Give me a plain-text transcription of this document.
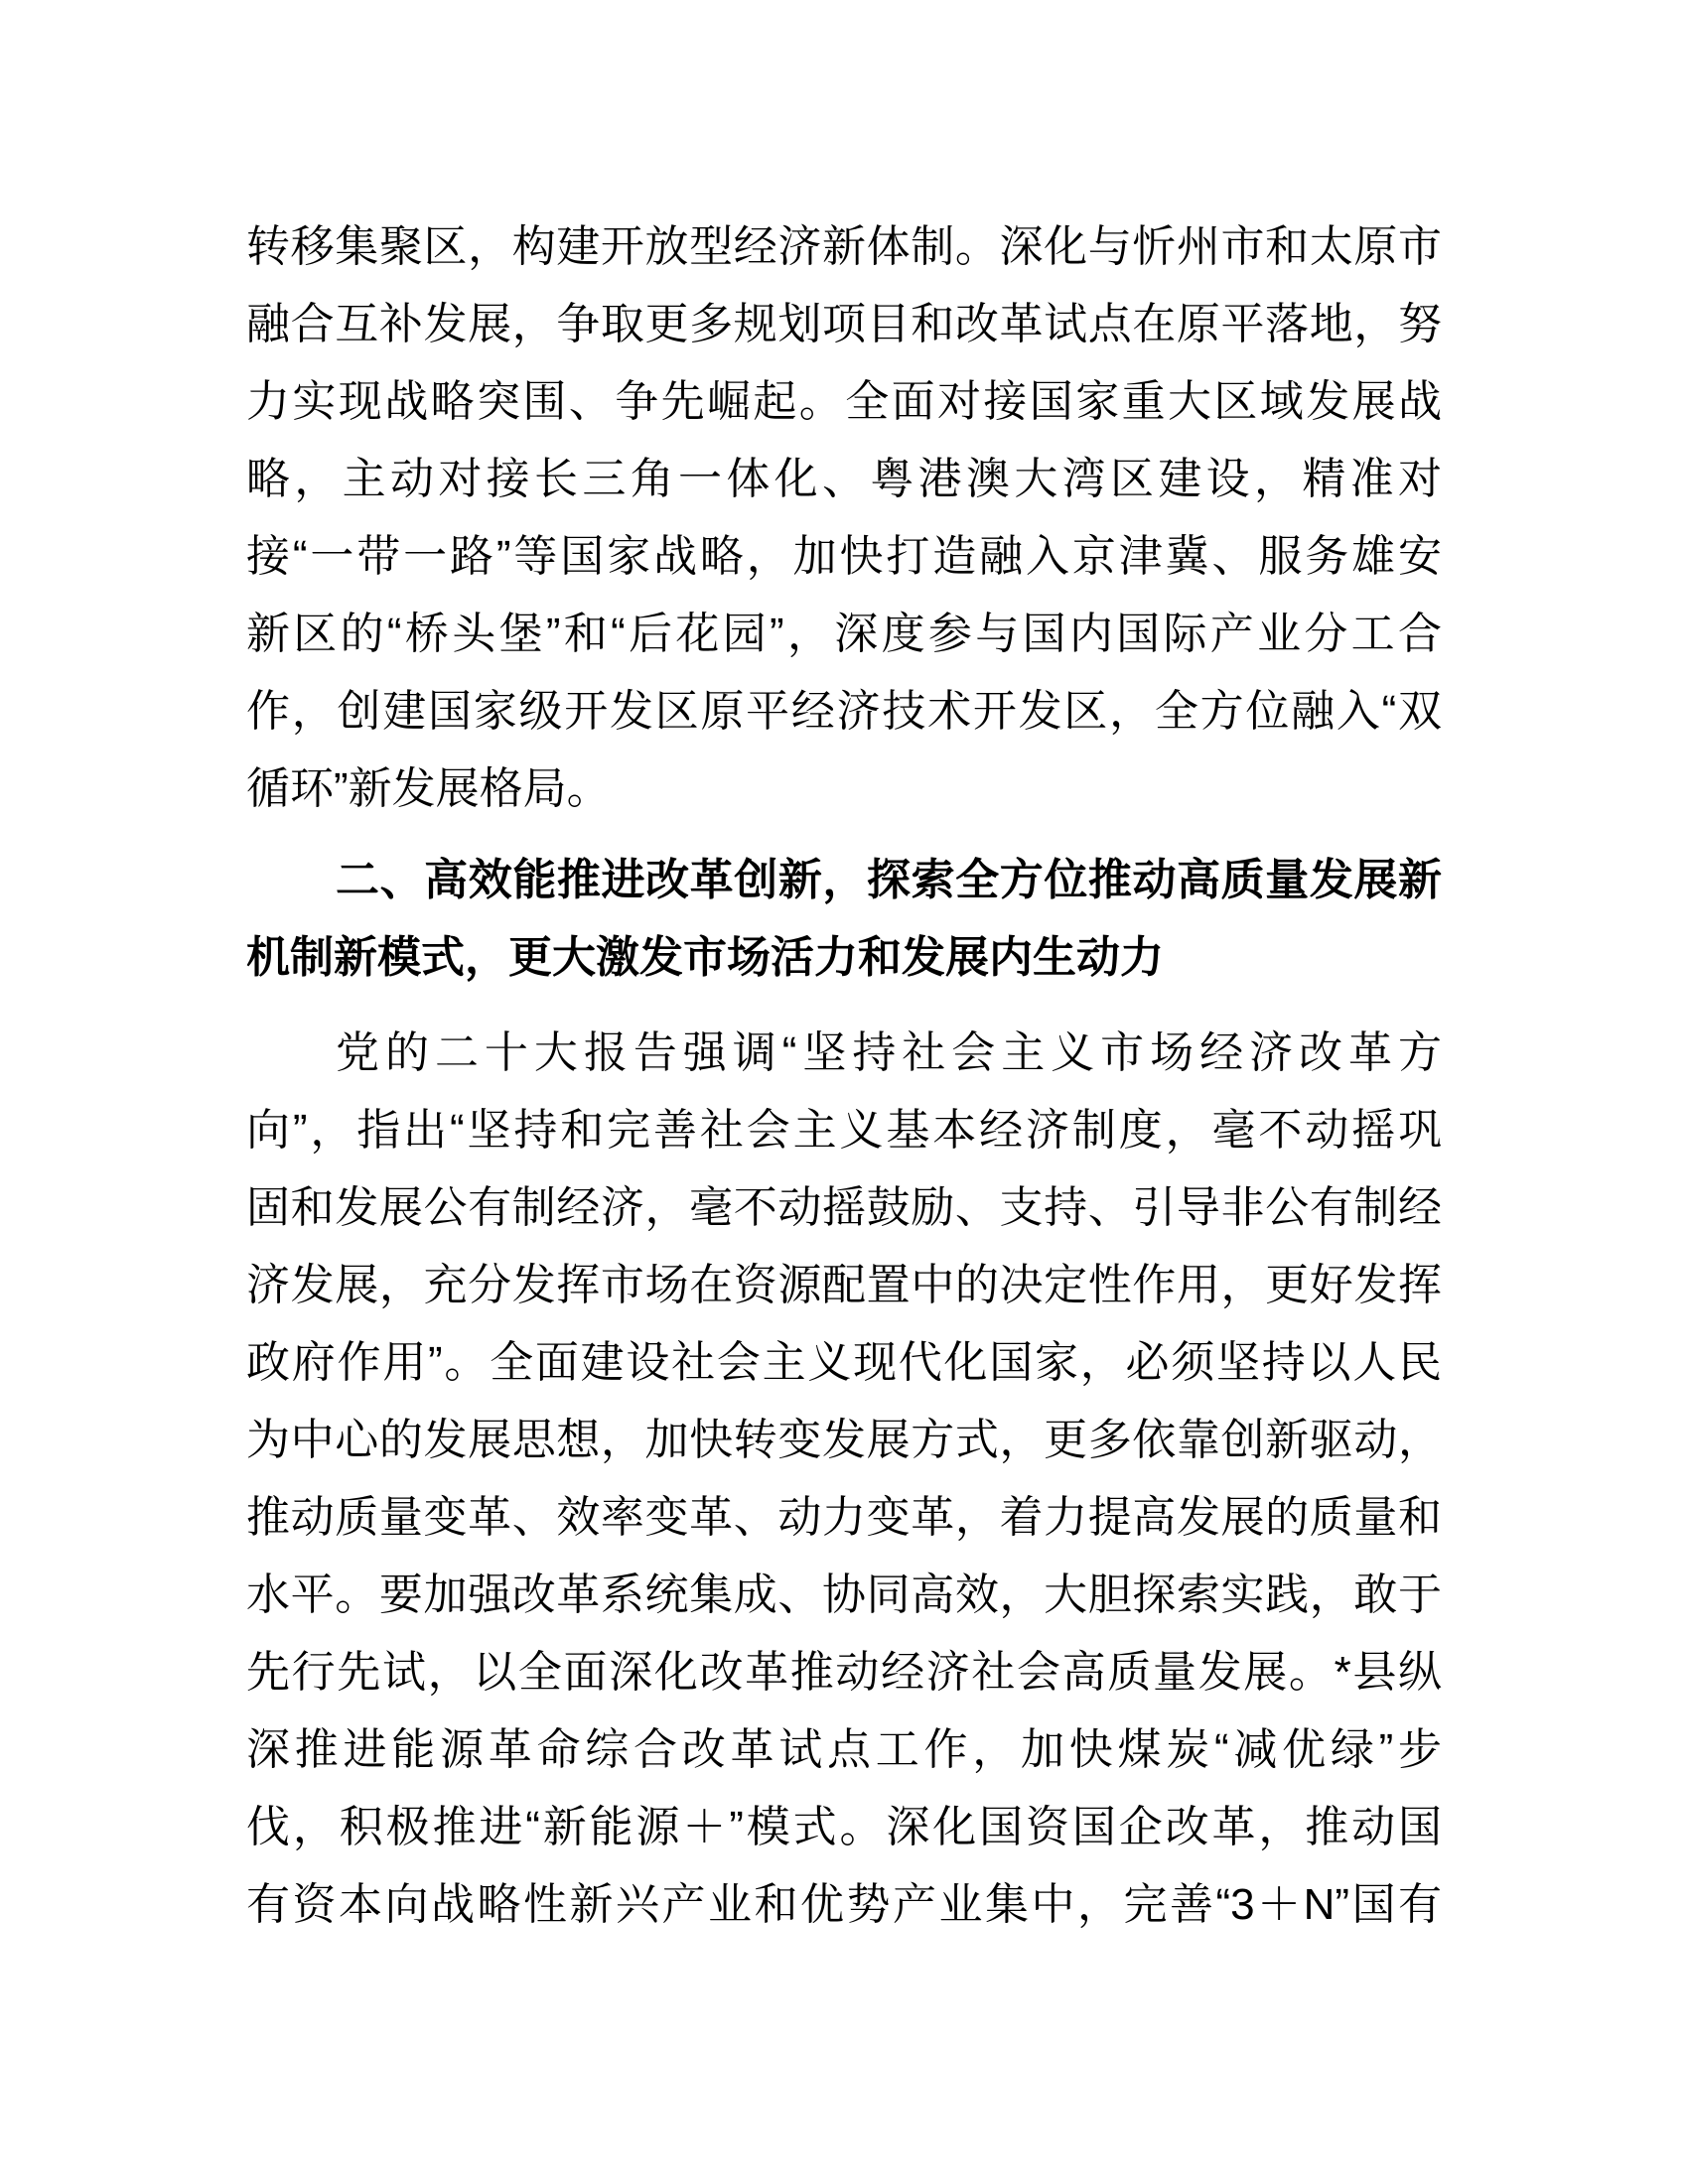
转移集聚区，构建开放型经济新体制。深化与忻州市和太原市
融合互补发展，争取更多规划项目和改革试点在原平落地，努
力实现战略突围、争先崛起。全面对接国家重大区域发展战
略，主动对接长三角一体化、粤港澳大湾区建设，精准对
接“一带一路”等国家战略，加快打造融入京津冀、服务雄安
新区的“桥头堡”和“后花园”，深度参与国内国际产业分工合
作，创建国家级开发区原平经济技术开发区，全方位融入“双
循环”新发展格局。
二、高效能推进改革创新，探索全方位推动高质量发展新
机制新模式，更大激发市场活力和发展内生动力
党的二十大报告强调“坚持社会主义市场经济改革方
向”，指出“坚持和完善社会主义基本经济制度，毫不动摇巩
固和发展公有制经济，毫不动摇鼓励、支持、引导非公有制经
济发展，充分发挥市场在资源配置中的决定性作用，更好发挥
政府作用”。全面建设社会主义现代化国家，必须坚持以人民
为中心的发展思想，加快转变发展方式，更多依靠创新驱动，
推动质量变革、效率变革、动力变革，着力提高发展的质量和
水平。要加强改革系统集成、协同高效，大胆探索实践，敢于
先行先试，以全面深化改革推动经济社会高质量发展。*县纵
深推进能源革命综合改革试点工作，加快煤炭“减优绿”步
伐，积极推进“新能源＋”模式。深化国资国企改革，推动国
有资本向战略性新兴产业和优势产业集中，完善“3＋N”国有
